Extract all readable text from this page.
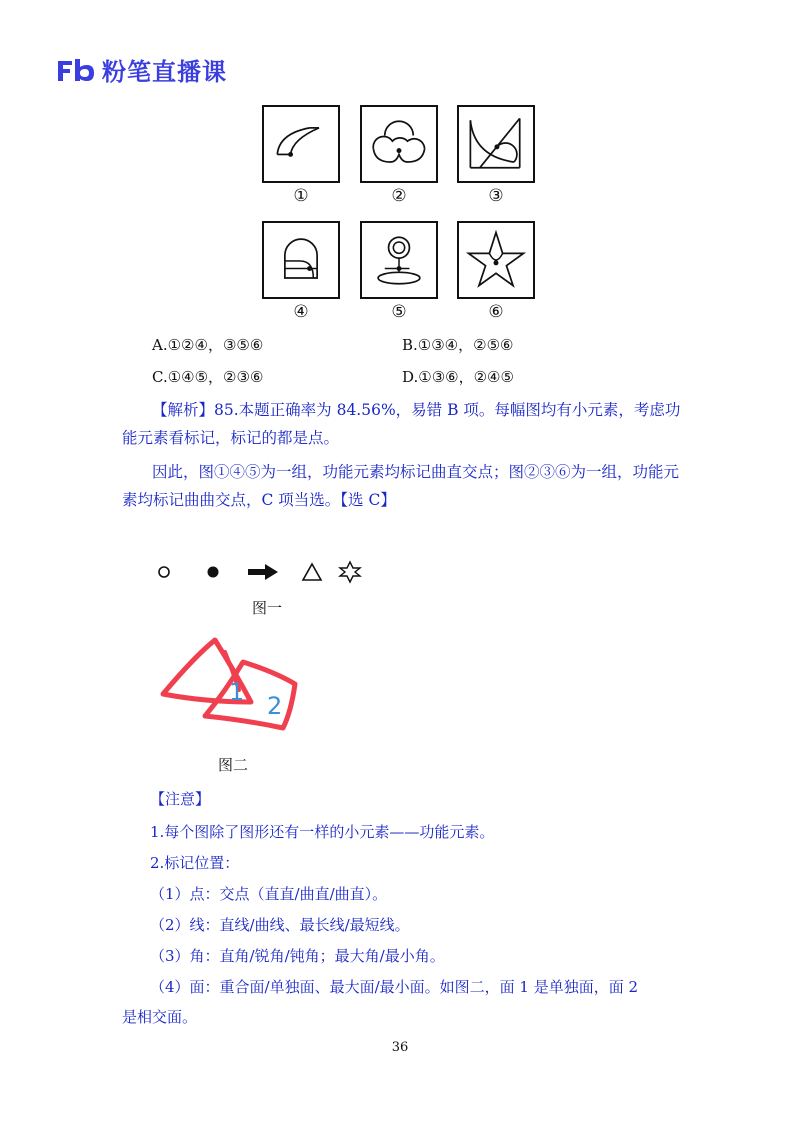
粉笔直播课
①	②	③
④	⑤	⑥
A.①②④，③⑤⑥	B.①③④，②⑤⑥
C.①④⑤，②③⑥	D.①③⑥，②④⑤
【解析】85.本题正确率为 84.56%，易错 B 项。每幅图均有小元素，考虑功能元素看标记，标记的都是点。
因此，图①④⑤为一组，功能元素均标记曲直交点；图②③⑥为一组，功能元素均标记曲曲交点，C 项当选。【选 C】
图一
1 2
图二
【注意】
1.每个图除了图形还有一样的小元素——功能元素。
2.标记位置：
（1）点：交点（直直/曲直/曲直）。
（2）线：直线/曲线、最长线/最短线。
（3）角：直角/锐角/钝角；最大角/最小角。
（4）面：重合面/单独面、最大面/最小面。如图二，面 1 是单独面，面 2
是相交面。
36
